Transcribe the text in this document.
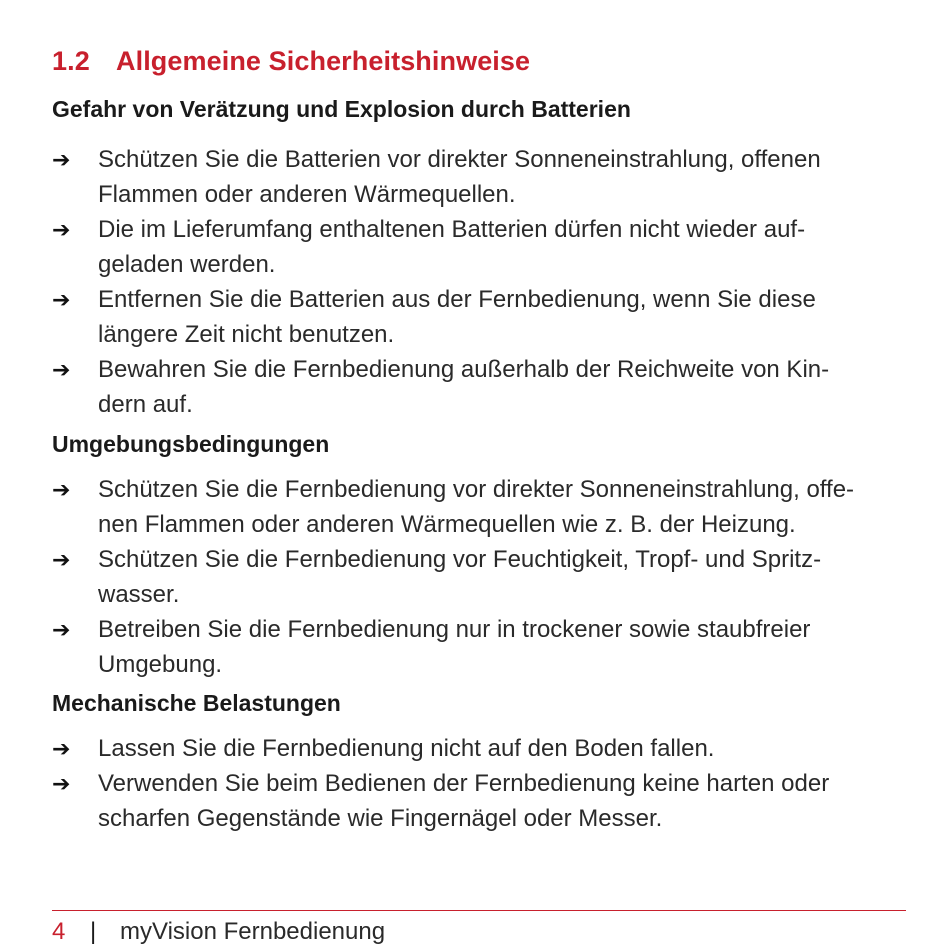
1.2 Allgemeine Sicherheitshinweise
Gefahr von Verätzung und Explosion durch Batterien
➔	Schützen Sie die Batterien vor direkter Sonneneinstrahlung, offenen
Flammen oder anderen Wärmequellen.
➔	Die im Lieferumfang enthaltenen Batterien dürfen nicht wieder auf-
geladen werden.
➔	Entfernen Sie die Batterien aus der Fernbedienung, wenn Sie diese
längere Zeit nicht benutzen.
➔	Bewahren Sie die Fernbedienung außerhalb der Reichweite von Kin-
dern auf.
Umgebungsbedingungen
➔	Schützen Sie die Fernbedienung vor direkter Sonneneinstrahlung, offe-
nen Flammen oder anderen Wärmequellen wie z. B. der Heizung.
➔	Schützen Sie die Fernbedienung vor Feuchtigkeit, Tropf- und Spritz-
wasser.
➔	Betreiben Sie die Fernbedienung nur in trockener sowie staubfreier
Umgebung.
Mechanische Belastungen
➔	Lassen Sie die Fernbedienung nicht auf den Boden fallen.
➔	Verwenden Sie beim Bedienen der Fernbedienung keine harten oder
scharfen Gegenstände wie Fingernägel oder Messer.
4 | myVision Fernbedienung
